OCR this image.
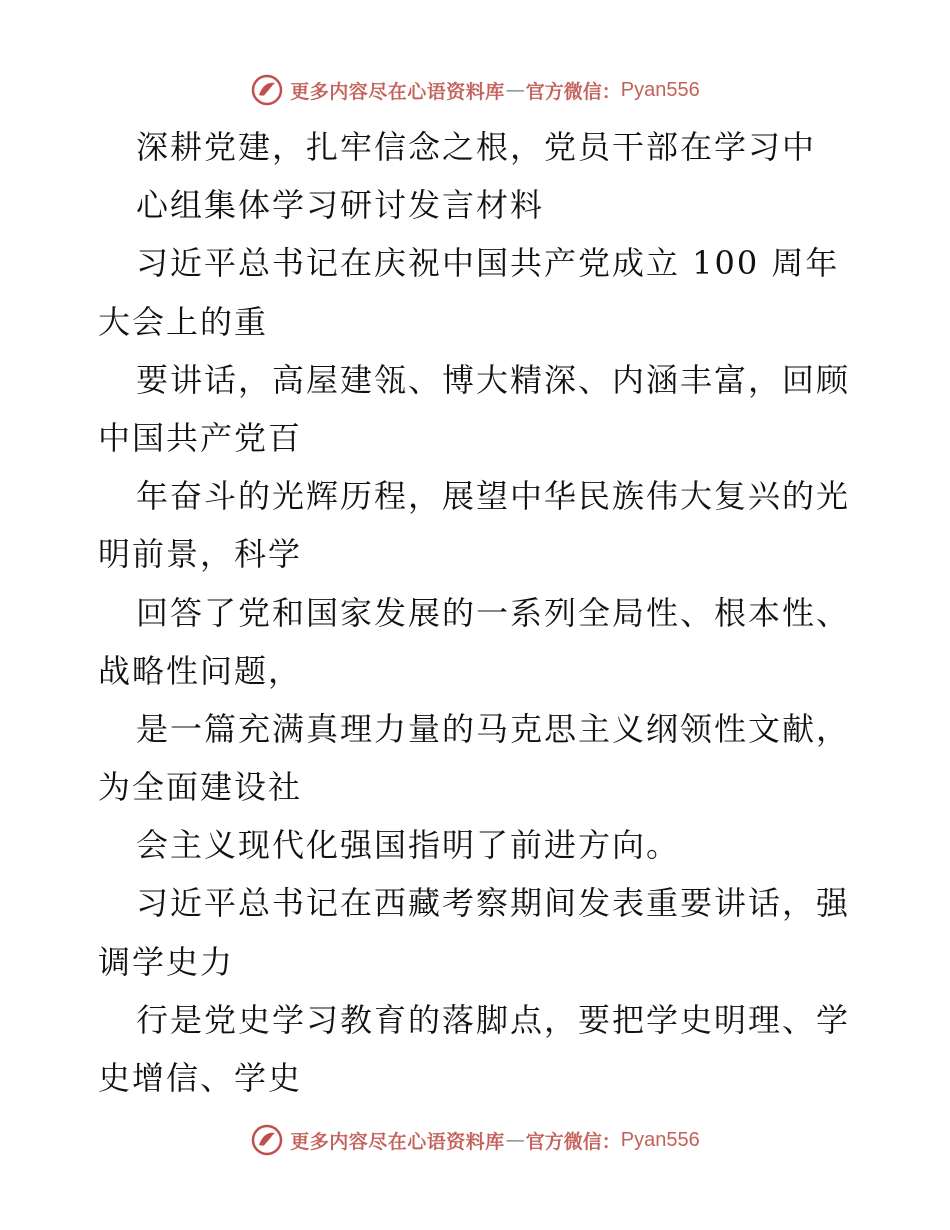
更多内容尽在心语资料库 — 官方微信： Pyan556
深耕党建，扎牢信念之根，党员干部在学习中
心组集体学习研讨发言材料
习近平总书记在庆祝中国共产党成立 100 周年
大会上的重
要讲话，高屋建瓴、博大精深、内涵丰富，回顾
中国共产党百
年奋斗的光辉历程，展望中华民族伟大复兴的光
明前景，科学
回答了党和国家发展的一系列全局性、根本性、
战略性问题，
是一篇充满真理力量的马克思主义纲领性文献，
为全面建设社
会主义现代化强国指明了前进方向。
习近平总书记在西藏考察期间发表重要讲话，强
调学史力
行是党史学习教育的落脚点，要把学史明理、学
史增信、学史
更多内容尽在心语资料库 — 官方微信： Pyan556
